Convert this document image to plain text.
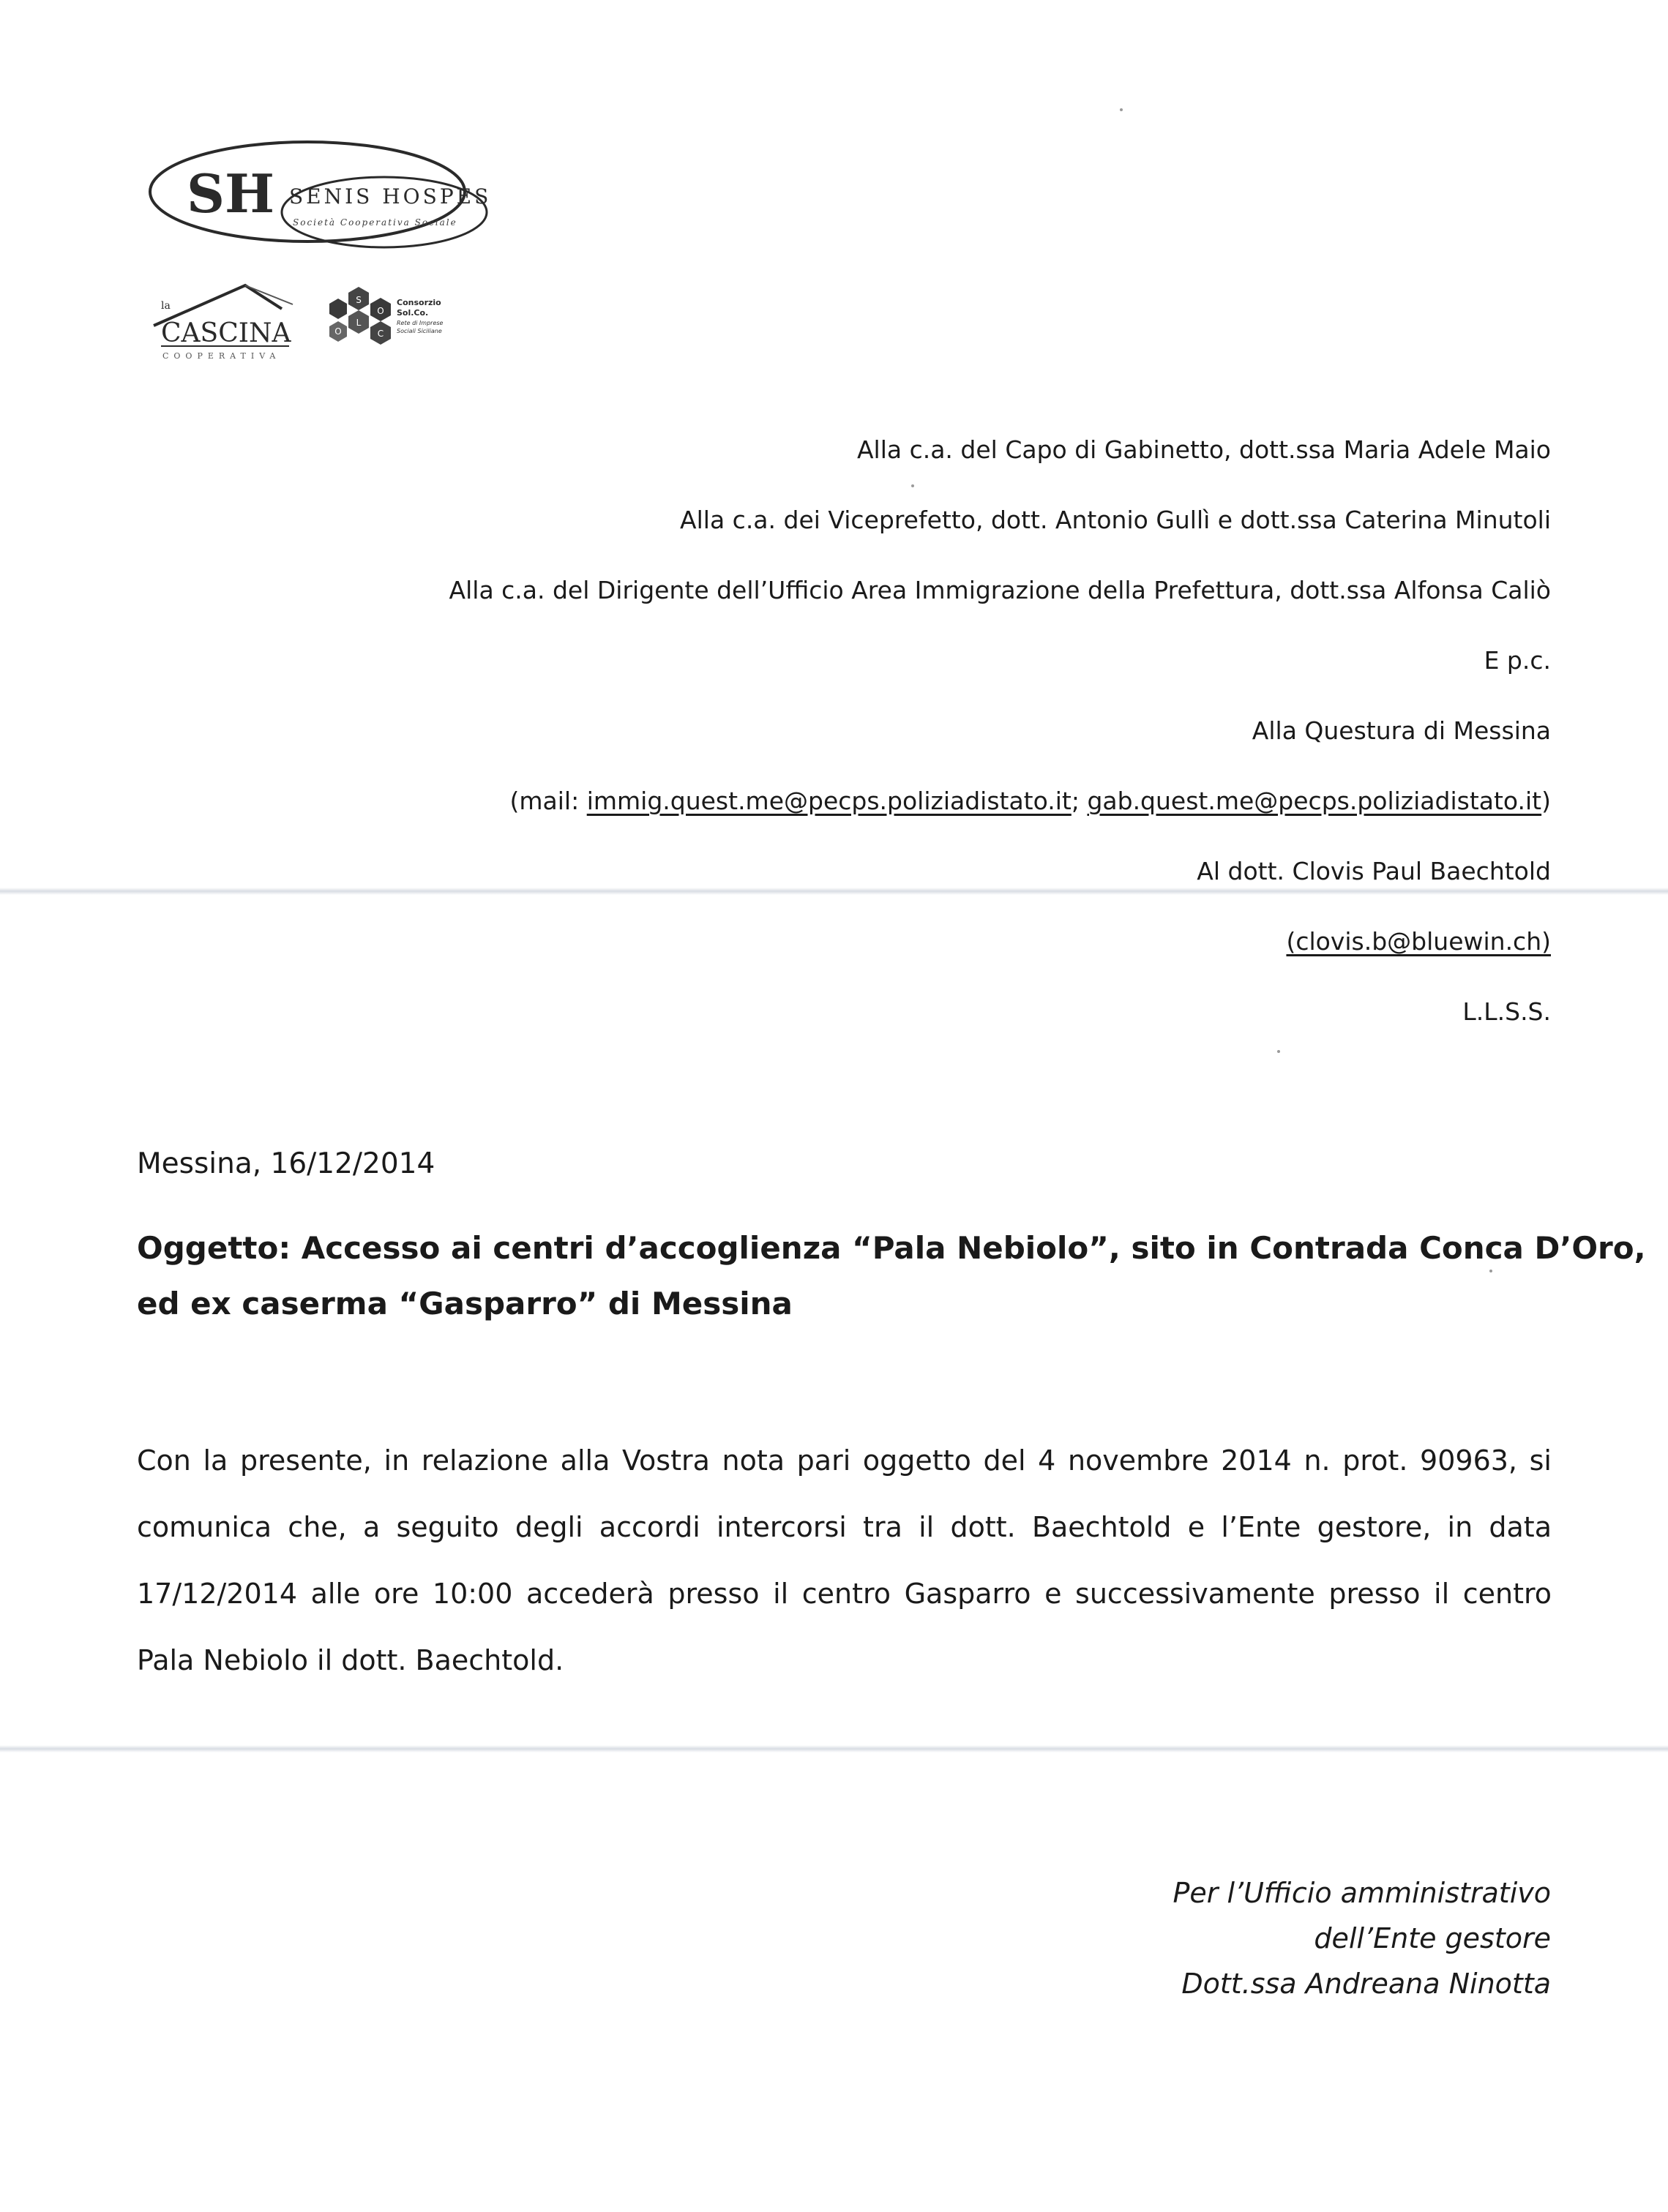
SH SENIS HOSPES
Società Cooperativa Sociale
la
CASCINA
COOPERATIVA
S
O
L
C
O
Consorzio
Sol.Co.
Rete di Imprese
Sociali Siciliane
Alla c.a. del Capo di Gabinetto, dott.ssa Maria Adele Maio
Alla c.a. dei Viceprefetto, dott. Antonio Gullì e dott.ssa Caterina Minutoli
Alla c.a. del Dirigente dell’Ufficio Area Immigrazione della Prefettura, dott.ssa Alfonsa Caliò
E p.c.
Alla Questura di Messina
(mail: immig.quest.me@pecps.poliziadistato.it; gab.quest.me@pecps.poliziadistato.it)
Al dott. Clovis Paul Baechtold
(clovis.b@bluewin.ch)
L.L.S.S.
Messina, 16/12/2014
Oggetto: Accesso ai centri d’accoglienza “Pala Nebiolo”, sito in Contrada Conca D’Oro,
ed ex caserma “Gasparro” di Messina
Con la presente, in relazione alla Vostra nota pari oggetto del 4 novembre 2014 n. prot. 90963, si
comunica che, a seguito degli accordi intercorsi tra il dott. Baechtold e l’Ente gestore, in data
17/12/2014 alle ore 10:00 accederà presso il centro Gasparro e successivamente presso il centro
Pala Nebiolo il dott. Baechtold.
Per l’Ufficio amministrativo
dell’Ente gestore
Dott.ssa Andreana Ninotta
